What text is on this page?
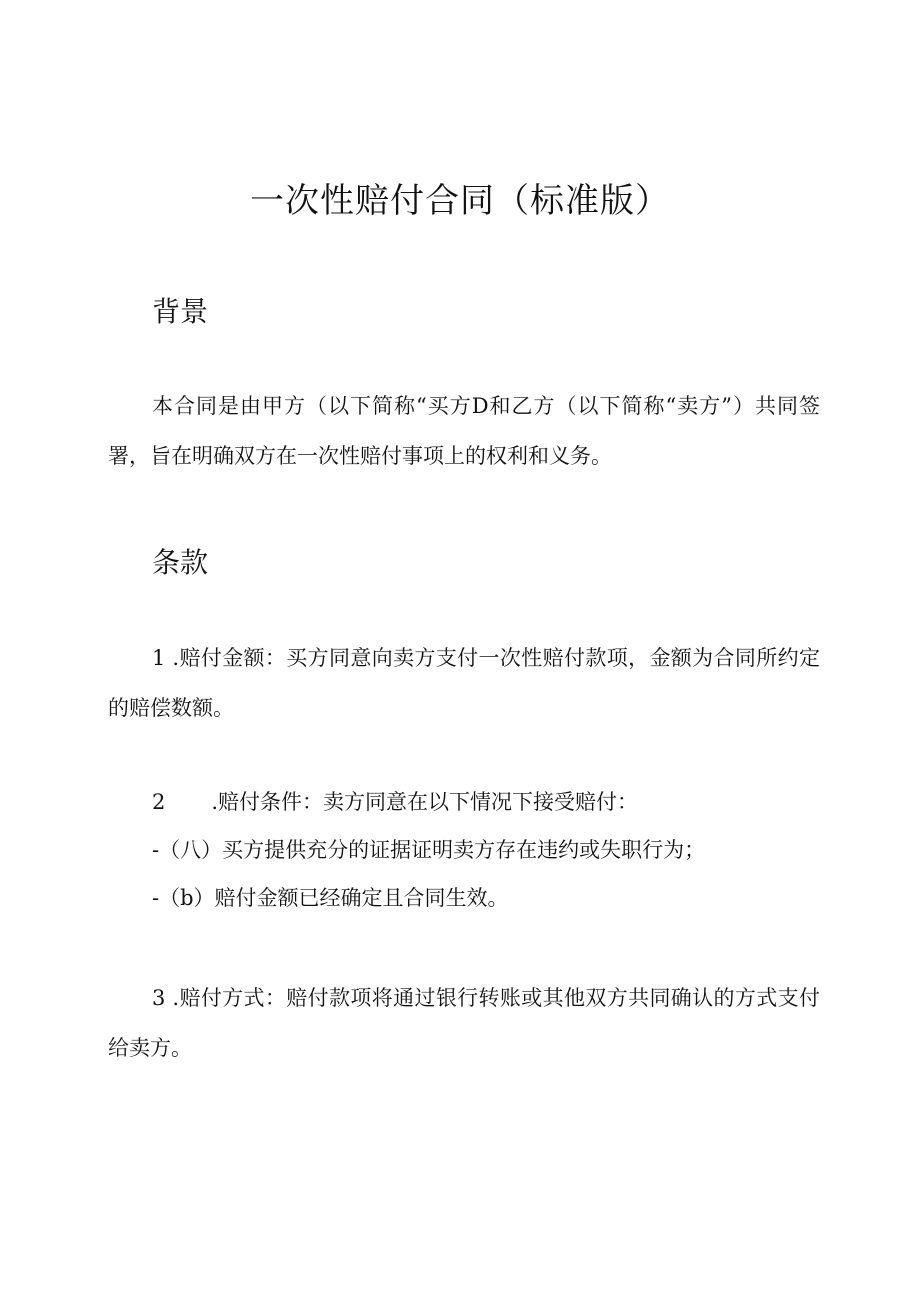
一次性赔付合同（标准版）
背景

本合同是由甲方（以下简称“买方D和乙方（以下简称“卖方”）共同签署，旨在明确双方在一次性赔付事项上的权利和义务。

条款

1 .赔付金额：买方同意向卖方支付一次性赔付款项，金额为合同所约定的赔偿数额。

2 .赔付条件：卖方同意在以下情况下接受赔付：
-（八）买方提供充分的证据证明卖方存在违约或失职行为；
-（b）赔付金额已经确定且合同生效。

3 .赔付方式：赔付款项将通过银行转账或其他双方共同确认的方式支付给卖方。
